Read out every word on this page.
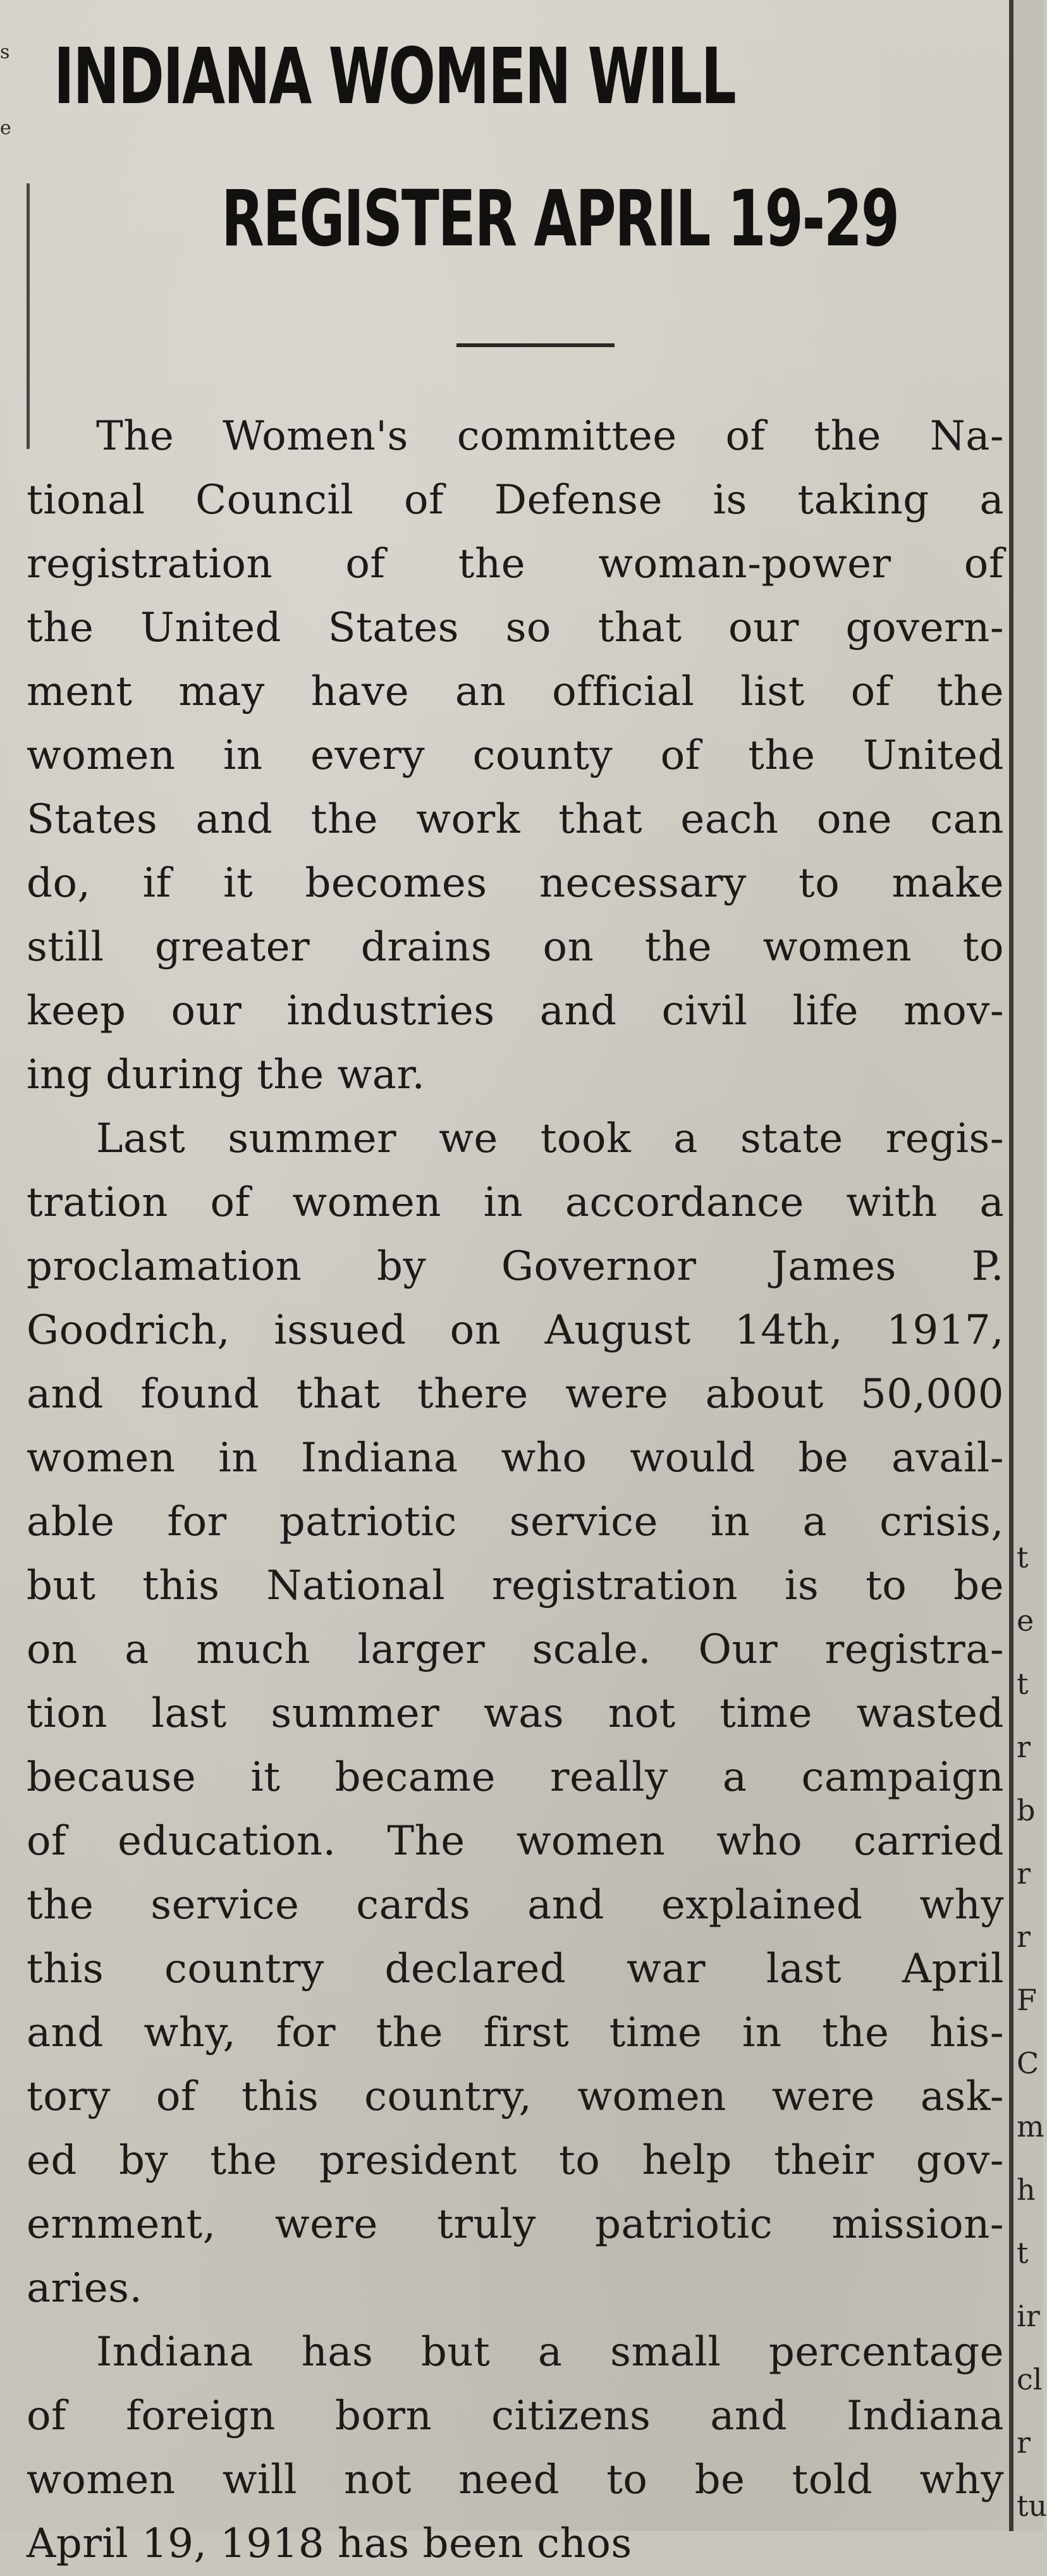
s
e
INDIANA WOMEN WILL
REGISTER APRIL 19-29
The Women's committee of the Na-
tional Council of Defense is taking a
registration of the woman-power of
the United States so that our govern-
ment may have an official list of the
women in every county of the United
States and the work that each one can
do, if it becomes necessary to make
still greater drains on the women to
keep our industries and civil life mov-
ing during the war.
Last summer we took a state regis-
tration of women in accordance with a
proclamation by Governor James P.
Goodrich, issued on August 14th, 1917,
and found that there were about 50,000
women in Indiana who would be avail-
able for patriotic service in a crisis,
but this National registration is to be
on a much larger scale. Our registra-
tion last summer was not time wasted
because it became really a campaign
of education. The women who carried
the service cards and explained why
this country declared war last April
and why, for the first time in the his-
tory of this country, women were ask-
ed by the president to help their gov-
ernment, were truly patriotic mission-
aries.
Indiana has but a small percentage
of foreign born citizens and Indiana
women will not need to be told why
April 19, 1918 has been chos
t
e
t
r
b
r
r
F
C
m
h
t
ir
cl
r
tu
